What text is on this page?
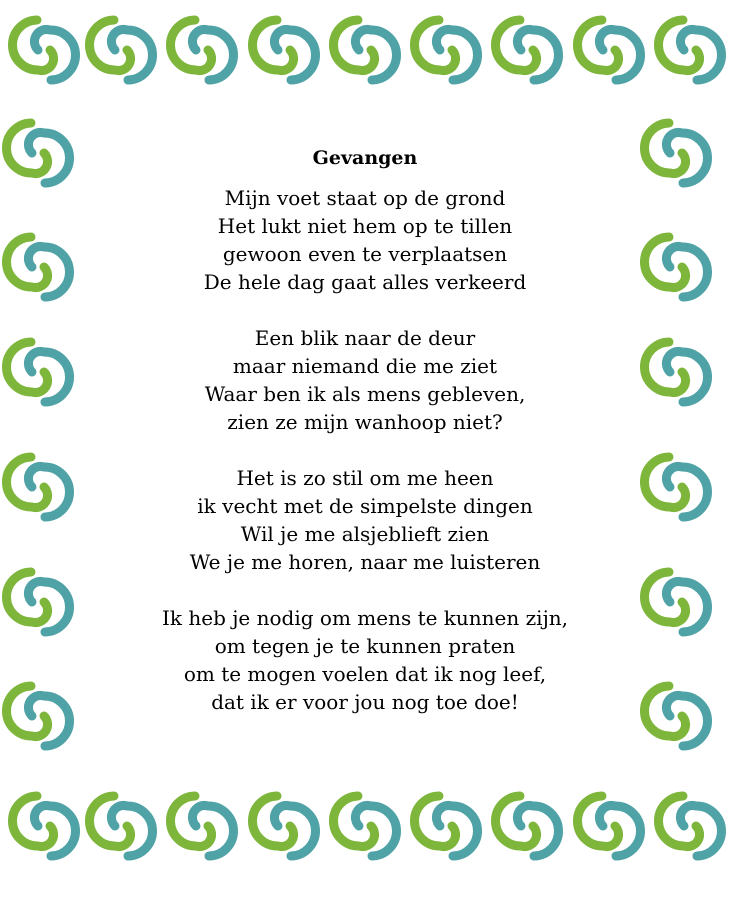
Gevangen
Mijn voet staat op de grond
Het lukt niet hem op te tillen
gewoon even te verplaatsen
De hele dag gaat alles verkeerd
Een blik naar de deur
maar niemand die me ziet
Waar ben ik als mens gebleven,
zien ze mijn wanhoop niet?
Het is zo stil om me heen
ik vecht met de simpelste dingen
Wil je me alsjeblieft zien
We je me horen, naar me luisteren
Ik heb je nodig om mens te kunnen zijn,
om tegen je te kunnen praten
om te mogen voelen dat ik nog leef,
dat ik er voor jou nog toe doe!
